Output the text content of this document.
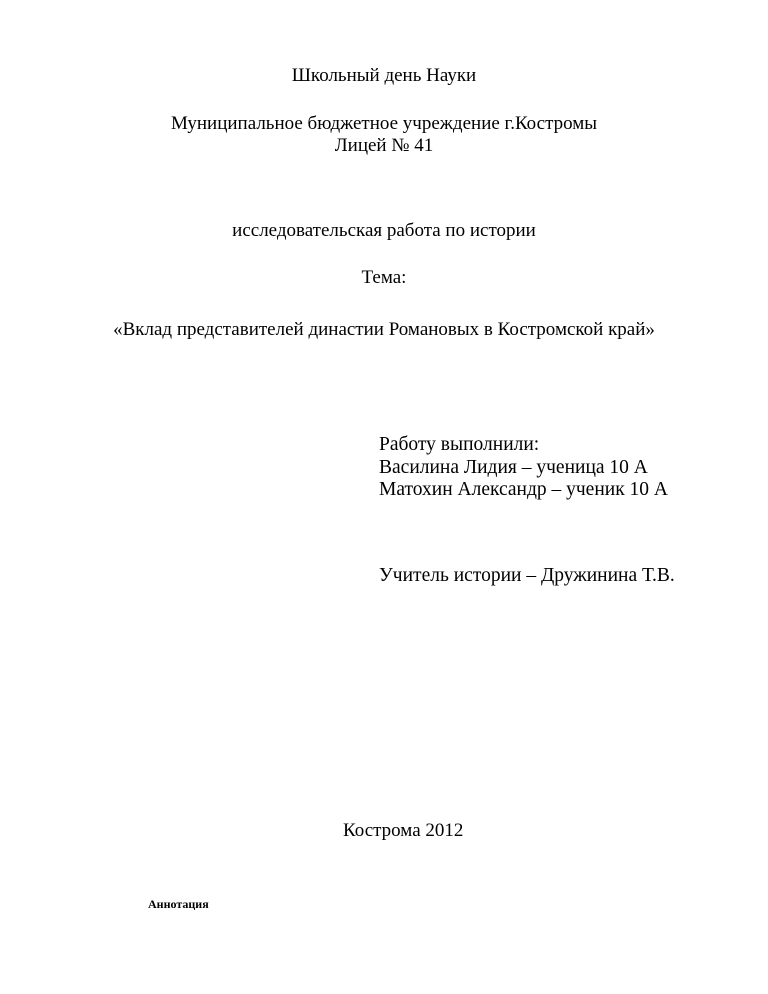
Школьный день Науки
Муниципальное бюджетное учреждение г.Костромы
Лицей № 41
исследовательская работа по истории
Тема:
«Вклад представителей династии Романовых в Костромской край»
Работу выполнили:
Василина Лидия – ученица 10 А
Матохин Александр – ученик 10 А
Учитель истории – Дружинина Т.В.
Кострома 2012
Аннотация
